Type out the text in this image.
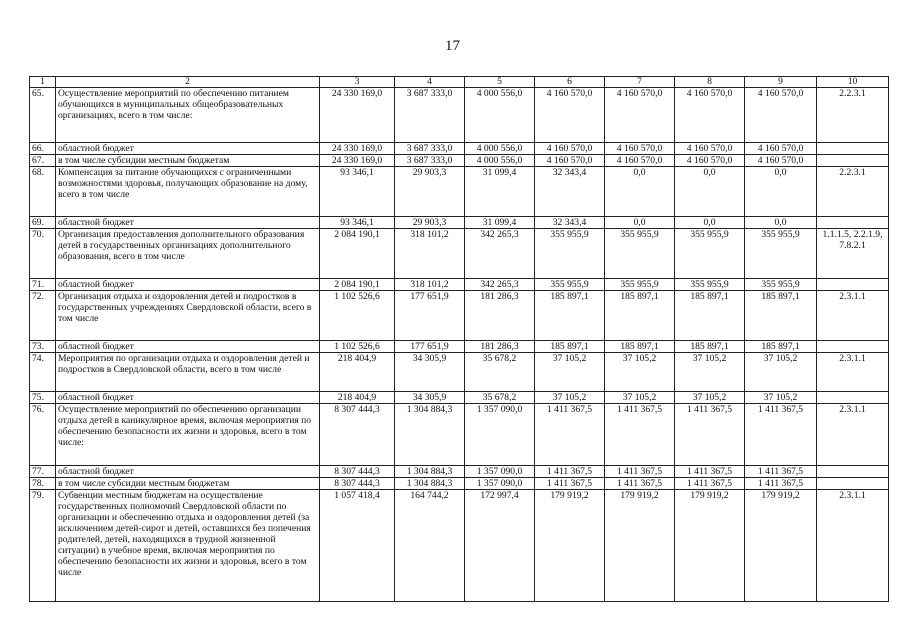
17
1	2	3	4	5	6	7	8	9	10
65.	Осуществление мероприятий по обеспечению питанием обучающихся в муниципальных общеобразовательных организациях, всего в том числе:	24 330 169,0	3 687 333,0	4 000 556,0	4 160 570,0	4 160 570,0	4 160 570,0	4 160 570,0	2.2.3.1
66.	областной бюджет	24 330 169,0	3 687 333,0	4 000 556,0	4 160 570,0	4 160 570,0	4 160 570,0	4 160 570,0	
67.	в том числе субсидии местным бюджетам	24 330 169,0	3 687 333,0	4 000 556,0	4 160 570,0	4 160 570,0	4 160 570,0	4 160 570,0	
68.	Компенсация за питание обучающихся с ограниченными возможностями здоровья, получающих образование на дому, всего в том числе	93 346,1	29 903,3	31 099,4	32 343,4	0,0	0,0	0,0	2.2.3.1
69.	областной бюджет	93 346,1	29 903,3	31 099,4	32 343,4	0,0	0,0	0,0	
70.	Организация предоставления дополнительного образования детей в государственных организациях дополнительного образования, всего в том числе	2 084 190,1	318 101,2	342 265,3	355 955,9	355 955,9	355 955,9	355 955,9	1.1.1.5, 2.2.1.9, 7.8.2.1
71.	областной бюджет	2 084 190,1	318 101,2	342 265,3	355 955,9	355 955,9	355 955,9	355 955,9	
72.	Организация отдыха и оздоровления детей и подростков в государственных учреждениях Свердловской области, всего в том числе	1 102 526,6	177 651,9	181 286,3	185 897,1	185 897,1	185 897,1	185 897,1	2.3.1.1
73.	областной бюджет	1 102 526,6	177 651,9	181 286,3	185 897,1	185 897,1	185 897,1	185 897,1	
74.	Мероприятия по организации отдыха и оздоровления детей и подростков в Свердловской области, всего в том числе	218 404,9	34 305,9	35 678,2	37 105,2	37 105,2	37 105,2	37 105,2	2.3.1.1
75.	областной бюджет	218 404,9	34 305,9	35 678,2	37 105,2	37 105,2	37 105,2	37 105,2	
76.	Осуществление мероприятий по обеспечению организации отдыха детей в каникулярное время, включая мероприятия по обеспечению безопасности их жизни и здоровья, всего в том числе:	8 307 444,3	1 304 884,3	1 357 090,0	1 411 367,5	1 411 367,5	1 411 367,5	1 411 367,5	2.3.1.1
77.	областной бюджет	8 307 444,3	1 304 884,3	1 357 090,0	1 411 367,5	1 411 367,5	1 411 367,5	1 411 367,5	
78.	в том числе субсидии местным бюджетам	8 307 444,3	1 304 884,3	1 357 090,0	1 411 367,5	1 411 367,5	1 411 367,5	1 411 367,5	
79.	Субвенции местным бюджетам на осуществление государственных полномочий Свердловской области по организации и обеспечению отдыха и оздоровления детей (за исключением детей-сирот и детей, оставшихся без попечения родителей, детей, находящихся в трудной жизненной ситуации) в учебное время, включая мероприятия по обеспечению безопасности их жизни и здоровья, всего в том числе	1 057 418,4	164 744,2	172 997,4	179 919,2	179 919,2	179 919,2	179 919,2	2.3.1.1
